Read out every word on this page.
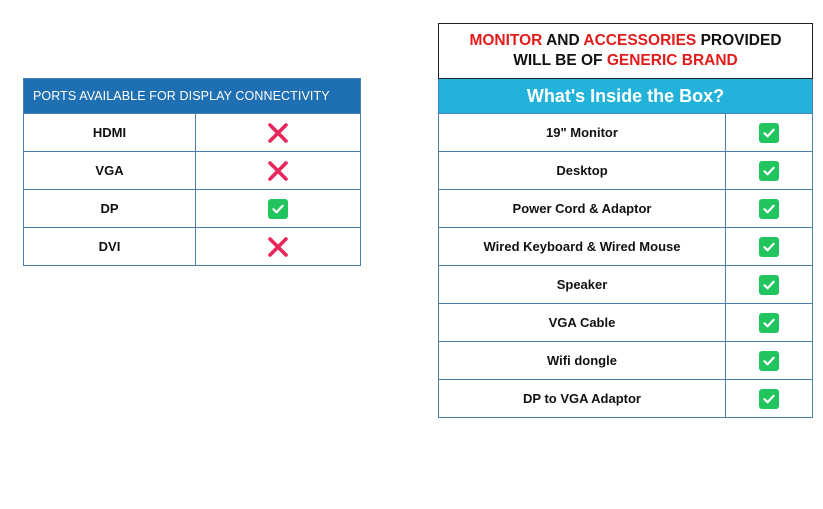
PORTS AVAILABLE FOR DISPLAY CONNECTIVITY
HDMI
VGA
DP
DVI
MONITOR AND ACCESSORIES PROVIDED
WILL BE OF GENERIC BRAND
What's Inside the Box?
19" Monitor
Desktop
Power Cord & Adaptor
Wired Keyboard & Wired Mouse
Speaker
VGA Cable
Wifi dongle
DP to VGA Adaptor
